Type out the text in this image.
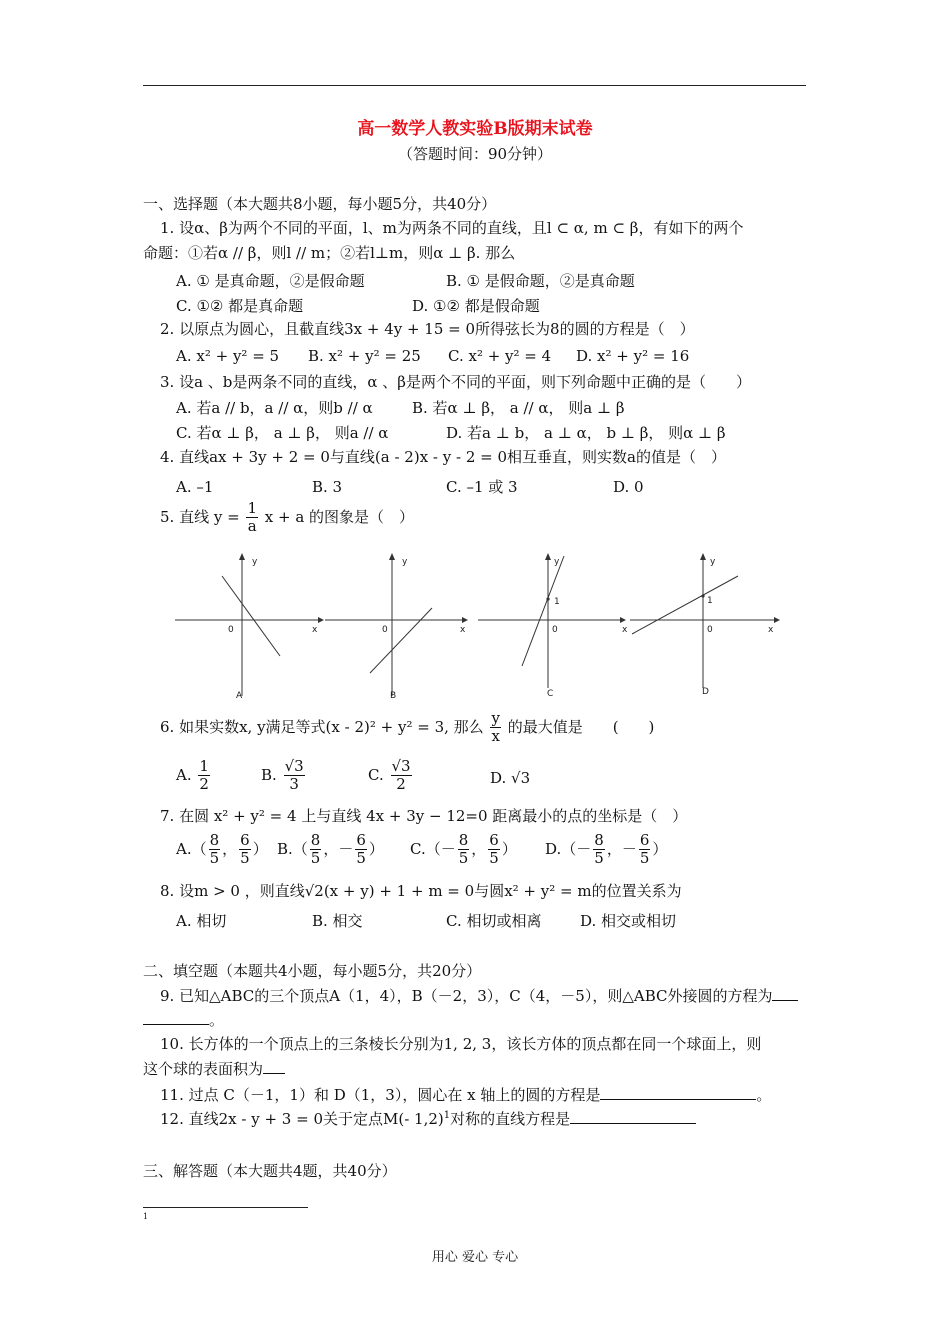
高一数学人教实验B版期末试卷
（答题时间：90分钟）
一、选择题（本大题共8小题，每小题5分，共40分）
1. 设α、β为两个不同的平面，l、m为两条不同的直线，且l ⊂ α, m ⊂ β，有如下的两个
命题：①若α // β，则l // m；②若l⊥m，则α ⊥ β. 那么
A. ① 是真命题，②是假命题	B. ① 是假命题，②是真命题
C. ①② 都是真命题	D. ①② 都是假命题
2. 以原点为圆心，且截直线3x + 4y + 15 = 0所得弦长为8的圆的方程是（　）
A. x² + y² = 5 B. x² + y² = 25 C. x² + y² = 4 D. x² + y² = 16
3. 设a 、b是两条不同的直线，α 、β是两个不同的平面，则下列命题中正确的是（　　）
A. 若a // b，a // α，则b // α	B. 若α ⊥ β， a // α， 则a ⊥ β
C. 若α ⊥ β， a ⊥ β， 则a // α	D. 若a ⊥ b， a ⊥ α， b ⊥ β， 则α ⊥ β
4. 直线ax + 3y + 2 = 0与直线(a - 2)x - y - 2 = 0相互垂直，则实数a的值是（　）
A. –1	B. 3	C. –1 或 3	D. 0
5. 直线 $y = \frac{1}{a}$ x + a 的图象是（　）
y
x
0
A
y
x
0
B
y
1
x
0
C
y
1
x
0
D
6. 如果实数x, y满足等式(x - 2)² + y² = 3, 那么 $\frac{y}{x}$ 的最大值是　　(　　)
A. $\frac{1}{2}$	B. $\frac{√3}{3}$	C. $\frac{√3}{2}$	D. √3
7. 在圆 x² + y² = 4 上与直线 4x + 3y − 12=0 距离最小的点的坐标是（　）
$A.( \frac{8}{5}$ ， $\frac{6}{5}$ ） $B.( \frac{8}{5}$ ，－ $\frac{6}{5}$ ） $C.(- \frac{8}{5}$ ， $\frac{6}{5}$ ） $D.(- \frac{8}{5}$ ，－ $\frac{6}{5}$ ）
8. 设m > 0 ，则直线√2(x + y) + 1 + m = 0与圆x² + y² = m的位置关系为
A. 相切	B. 相交	C. 相切或相离	D. 相交或相切
二、填空题（本题共4小题，每小题5分，共20分）
9. 已知△ABC的三个顶点A（1，4），B（－2，3），C（4，－5），则△ABC外接圆的方程为
。
10. 长方体的一个顶点上的三条棱长分别为1, 2, 3，该长方体的顶点都在同一个球面上，则
这个球的表面积为
11. 过点 C（－1，1）和 D（1，3），圆心在 x 轴上的圆的方程是	。
12. 直线2x - y + 3 = 0关于定点M(- 1,2)$^1$对称的直线方程是
三、解答题（本大题共4题，共40分）
1
用心 爱心 专心
